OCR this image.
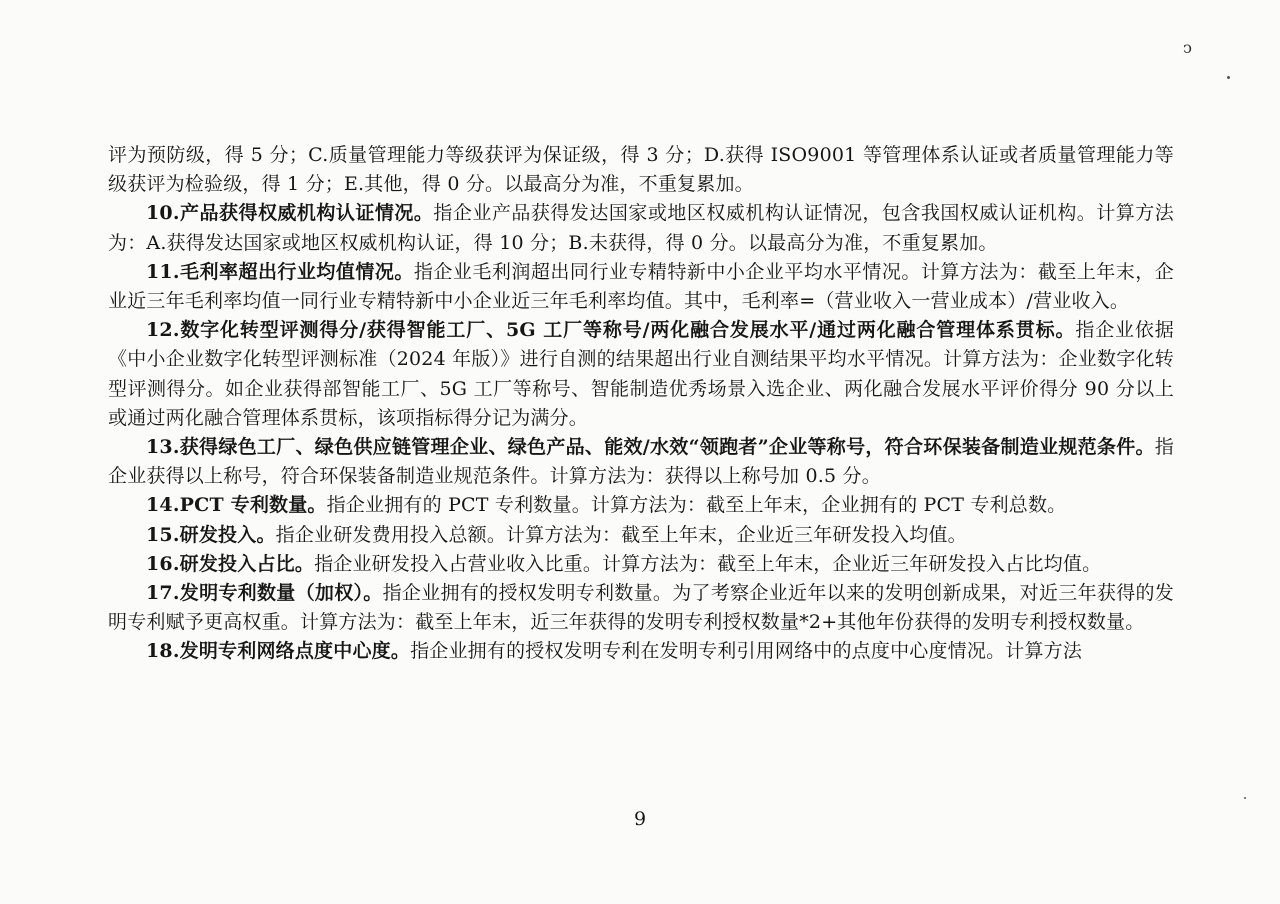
ↄ

评为预防级，得 5 分；C.质量管理能力等级获评为保证级，得 3 分；D.获得 ISO9001 等管理体系认证或者质量管理能力等级获评为检验级，得 1 分；E.其他，得 0 分。以最高分为准，不重复累加。

10.产品获得权威机构认证情况。指企业产品获得发达国家或地区权威机构认证情况，包含我国权威认证机构。计算方法为：A.获得发达国家或地区权威机构认证，得 10 分；B.未获得，得 0 分。以最高分为准，不重复累加。

11.毛利率超出行业均值情况。指企业毛利润超出同行业专精特新中小企业平均水平情况。计算方法为：截至上年末，企业近三年毛利率均值一同行业专精特新中小企业近三年毛利率均值。其中，毛利率=（营业收入一营业成本）/营业收入。

12.数字化转型评测得分/获得智能工厂、5G 工厂等称号/两化融合发展水平/通过两化融合管理体系贯标。指企业依据《中小企业数字化转型评测标准（2024 年版）》进行自测的结果超出行业自测结果平均水平情况。计算方法为：企业数字化转型评测得分。如企业获得部智能工厂、5G 工厂等称号、智能制造优秀场景入选企业、两化融合发展水平评价得分 90 分以上或通过两化融合管理体系贯标，该项指标得分记为满分。

13.获得绿色工厂、绿色供应链管理企业、绿色产品、能效/水效“领跑者”企业等称号，符合环保装备制造业规范条件。指企业获得以上称号，符合环保装备制造业规范条件。计算方法为：获得以上称号加 0.5 分。

14.PCT 专利数量。指企业拥有的 PCT 专利数量。计算方法为：截至上年末，企业拥有的 PCT 专利总数。

15.研发投入。指企业研发费用投入总额。计算方法为：截至上年末，企业近三年研发投入均值。

16.研发投入占比。指企业研发投入占营业收入比重。计算方法为：截至上年末，企业近三年研发投入占比均值。

17.发明专利数量（加权）。指企业拥有的授权发明专利数量。为了考察企业近年以来的发明创新成果，对近三年获得的发明专利赋予更高权重。计算方法为：截至上年末，近三年获得的发明专利授权数量*2+其他年份获得的发明专利授权数量。

18.发明专利网络点度中心度。指企业拥有的授权发明专利在发明专利引用网络中的点度中心度情况。计算方法

9
